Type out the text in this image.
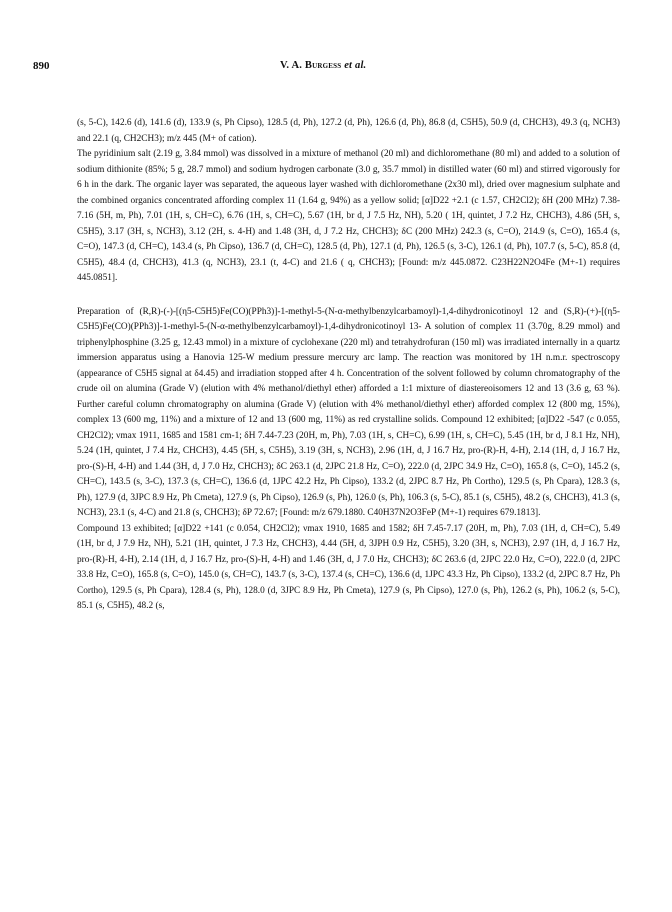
890	V. A. Burgess et al.

(s, 5-C), 142.6 (d), 141.6 (d), 133.9 (s, Ph Cipso), 128.5 (d, Ph), 127.2 (d, Ph), 126.6 (d, Ph), 86.8 (d, C5H5), 50.9 (d, CHCH3), 49.3 (q, NCH3) and 22.1 (q, CH2CH3); m/z 445 (M+ of cation).

The pyridinium salt (2.19 g, 3.84 mmol) was dissolved in a mixture of methanol (20 ml) and dichloromethane (80 ml) and added to a solution of sodium dithionite (85%; 5 g, 28.7 mmol) and sodium hydrogen carbonate (3.0 g, 35.7 mmol) in distilled water (60 ml) and stirred vigorously for 6 h in the dark. The organic layer was separated, the aqueous layer washed with dichloromethane (2x30 ml), dried over magnesium sulphate and the combined organics concentrated affording complex 11 (1.64 g, 94%) as a yellow solid; [α]D22 +2.1 (c 1.57, CH2Cl2); δH (200 MHz) 7.38-7.16 (5H, m, Ph), 7.01 (1H, s, CH=C), 6.76 (1H, s, CH=C), 5.67 (1H, br d, J 7.5 Hz, NH), 5.20 ( 1H, quintet, J 7.2 Hz, CHCH3), 4.86 (5H, s, C5H5), 3.17 (3H, s, NCH3), 3.12 (2H, s. 4-H) and 1.48 (3H, d, J 7.2 Hz, CHCH3); δC (200 MHz) 242.3 (s, C=O), 214.9 (s, C≡O), 165.4 (s, C=O), 147.3 (d, CH=C), 143.4 (s, Ph Cipso), 136.7 (d, CH=C), 128.5 (d, Ph), 127.1 (d, Ph), 126.5 (s, 3-C), 126.1 (d, Ph), 107.7 (s, 5-C), 85.8 (d, C5H5), 48.4 (d, CHCH3), 41.3 (q, NCH3), 23.1 (t, 4-C) and 21.6 ( q, CHCH3); [Found: m/z 445.0872. C23H22N2O4Fe (M+-1) requires 445.0851].

Preparation of (R,R)-(-)-[(η5-C5H5)Fe(CO)(PPh3)]-1-methyl-5-(N-α-methylbenzylcarbamoyl)-1,4-dihydronicotinoyl 12 and (S,R)-(+)-[(η5-C5H5)Fe(CO)(PPh3)]-1-methyl-5-(N-α-methylbenzylcarbamoyl)-1,4-dihydronicotinoyl 13- A solution of complex 11 (3.70g, 8.29 mmol) and triphenylphosphine (3.25 g, 12.43 mmol) in a mixture of cyclohexane (220 ml) and tetrahydrofuran (150 ml) was irradiated internally in a quartz immersion apparatus using a Hanovia 125-W medium pressure mercury arc lamp. The reaction was monitored by 1H n.m.r. spectroscopy (appearance of C5H5 signal at δ4.45) and irradiation stopped after 4 h. Concentration of the solvent followed by column chromatography of the crude oil on alumina (Grade V) (elution with 4% methanol/diethyl ether) afforded a 1:1 mixture of diastereoisomers 12 and 13 (3.6 g, 63 %). Further careful column chromatography on alumina (Grade V) (elution with 4% methanol/diethyl ether) afforded complex 12 (800 mg, 15%), complex 13 (600 mg, 11%) and a mixture of 12 and 13 (600 mg, 11%) as red crystalline solids. Compound 12 exhibited; [α]D22 -547 (c 0.055, CH2Cl2); νmax 1911, 1685 and 1581 cm-1; δH 7.44-7.23 (20H, m, Ph), 7.03 (1H, s, CH=C), 6.99 (1H, s, CH=C), 5.45 (1H, br d, J 8.1 Hz, NH), 5.24 (1H, quintet, J 7.4 Hz, CHCH3), 4.45 (5H, s, C5H5), 3.19 (3H, s, NCH3), 2.96 (1H, d, J 16.7 Hz, pro-(R)-H, 4-H), 2.14 (1H, d, J 16.7 Hz, pro-(S)-H, 4-H) and 1.44 (3H, d, J 7.0 Hz, CHCH3); δC 263.1 (d, 2JPC 21.8 Hz, C=O), 222.0 (d, 2JPC 34.9 Hz, C≡O), 165.8 (s, C=O), 145.2 (s, CH=C), 143.5 (s, 3-C), 137.3 (s, CH=C), 136.6 (d, 1JPC 42.2 Hz, Ph Cipso), 133.2 (d, 2JPC 8.7 Hz, Ph Cortho), 129.5 (s, Ph Cpara), 128.3 (s, Ph), 127.9 (d, 3JPC 8.9 Hz, Ph Cmeta), 127.9 (s, Ph Cipso), 126.9 (s, Ph), 126.0 (s, Ph), 106.3 (s, 5-C), 85.1 (s, C5H5), 48.2 (s, CHCH3), 41.3 (s, NCH3), 23.1 (s, 4-C) and 21.8 (s, CHCH3); δP 72.67; [Found: m/z 679.1880. C40H37N2O3FeP (M+-1) requires 679.1813].

Compound 13 exhibited; [α]D22 +141 (c 0.054, CH2Cl2); νmax 1910, 1685 and 1582; δH 7.45-7.17 (20H, m, Ph), 7.03 (1H, d, CH=C), 5.49 (1H, br d, J 7.9 Hz, NH), 5.21 (1H, quintet, J 7.3 Hz, CHCH3), 4.44 (5H, d, 3JPH 0.9 Hz, C5H5), 3.20 (3H, s, NCH3), 2.97 (1H, d, J 16.7 Hz, pro-(R)-H, 4-H), 2.14 (1H, d, J 16.7 Hz, pro-(S)-H, 4-H) and 1.46 (3H, d, J 7.0 Hz, CHCH3); δC 263.6 (d, 2JPC 22.0 Hz, C=O), 222.0 (d, 2JPC 33.8 Hz, C≡O), 165.8 (s, C=O), 145.0 (s, CH=C), 143.7 (s, 3-C), 137.4 (s, CH=C), 136.6 (d, 1JPC 43.3 Hz, Ph Cipso), 133.2 (d, 2JPC 8.7 Hz, Ph Cortho), 129.5 (s, Ph Cpara), 128.4 (s, Ph), 128.0 (d, 3JPC 8.9 Hz, Ph Cmeta), 127.9 (s, Ph Cipso), 127.0 (s, Ph), 126.2 (s, Ph), 106.2 (s, 5-C), 85.1 (s, C5H5), 48.2 (s,
